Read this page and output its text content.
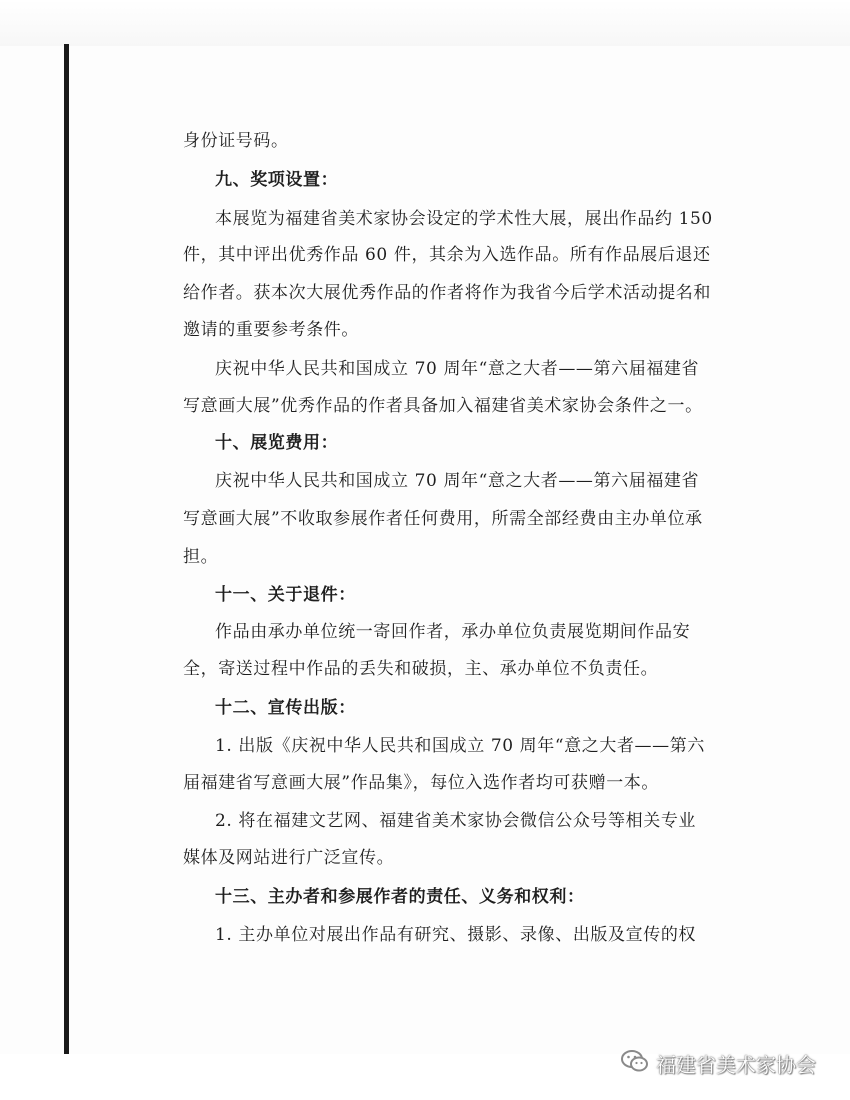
身份证号码。
九、奖项设置：
本展览为福建省美术家协会设定的学术性大展，展出作品约 150
件，其中评出优秀作品 60 件，其余为入选作品。所有作品展后退还
给作者。获本次大展优秀作品的作者将作为我省今后学术活动提名和
邀请的重要参考条件。
庆祝中华人民共和国成立 70 周年“意之大者——第六届福建省
写意画大展”优秀作品的作者具备加入福建省美术家协会条件之一。
十、展览费用：
庆祝中华人民共和国成立 70 周年“意之大者——第六届福建省
写意画大展”不收取参展作者任何费用，所需全部经费由主办单位承
担。
十一、关于退件：
作品由承办单位统一寄回作者，承办单位负责展览期间作品安
全，寄送过程中作品的丢失和破损，主、承办单位不负责任。
十二、宣传出版：
1. 出版《庆祝中华人民共和国成立 70 周年“意之大者——第六
届福建省写意画大展”作品集》，每位入选作者均可获赠一本。
2. 将在福建文艺网、福建省美术家协会微信公众号等相关专业
媒体及网站进行广泛宣传。
十三、主办者和参展作者的责任、义务和权利：
1. 主办单位对展出作品有研究、摄影、录像、出版及宣传的权
福建省美术家协会
